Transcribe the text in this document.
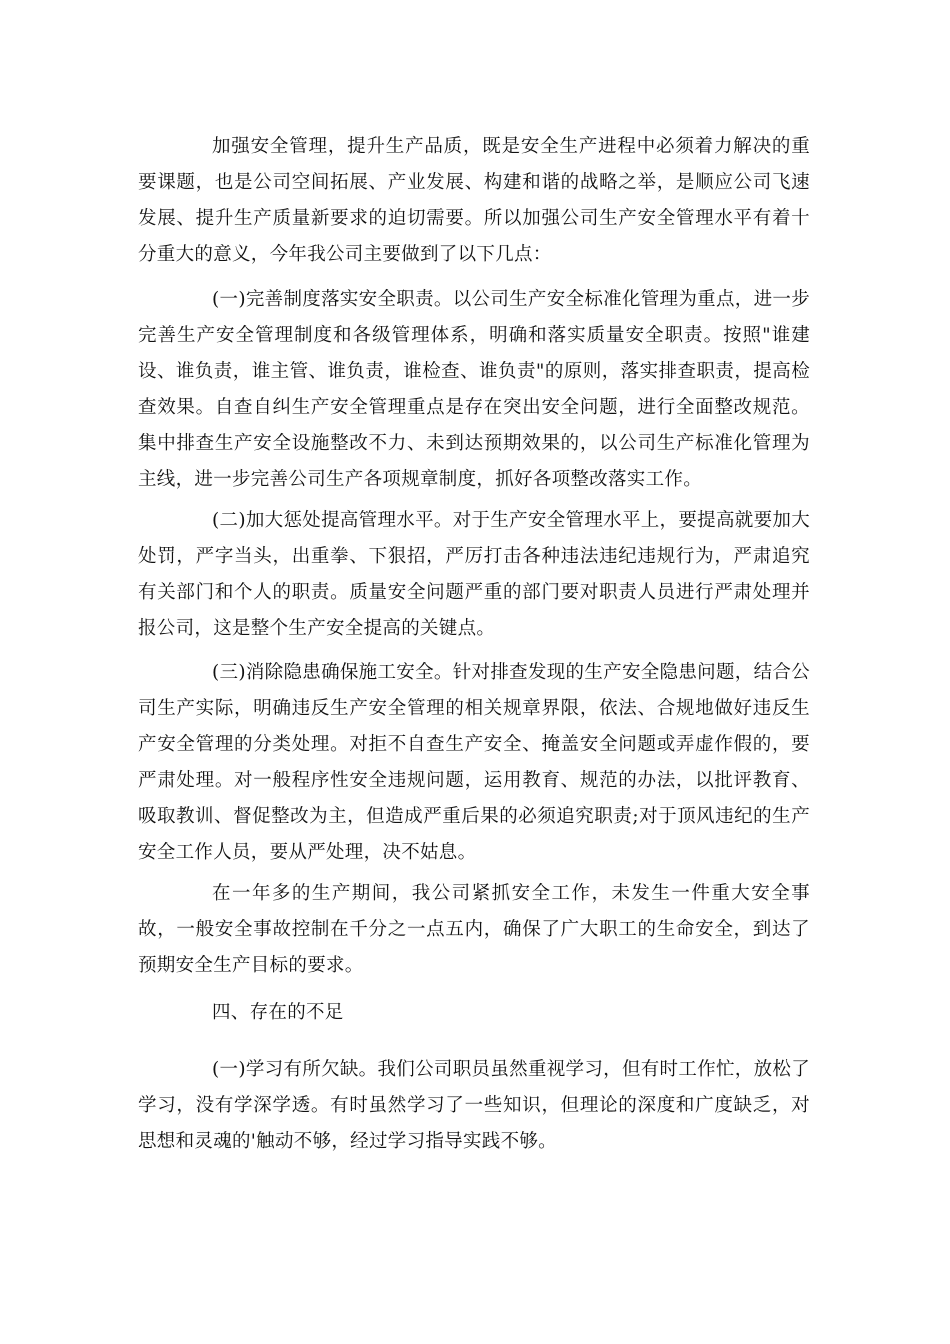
加强安全管理，提升生产品质，既是安全生产进程中必须着力解决的重要课题，也是公司空间拓展、产业发展、构建和谐的战略之举，是顺应公司飞速发展、提升生产质量新要求的迫切需要。所以加强公司生产安全管理水平有着十分重大的意义，今年我公司主要做到了以下几点：

(一)完善制度落实安全职责。以公司生产安全标准化管理为重点，进一步完善生产安全管理制度和各级管理体系，明确和落实质量安全职责。按照"谁建设、谁负责，谁主管、谁负责，谁检查、谁负责"的原则，落实排查职责，提高检查效果。自查自纠生产安全管理重点是存在突出安全问题，进行全面整改规范。集中排查生产安全设施整改不力、未到达预期效果的，以公司生产标准化管理为主线，进一步完善公司生产各项规章制度，抓好各项整改落实工作。

(二)加大惩处提高管理水平。对于生产安全管理水平上，要提高就要加大处罚，严字当头，出重拳、下狠招，严厉打击各种违法违纪违规行为，严肃追究有关部门和个人的职责。质量安全问题严重的部门要对职责人员进行严肃处理并报公司，这是整个生产安全提高的关键点。

(三)消除隐患确保施工安全。针对排查发现的生产安全隐患问题，结合公司生产实际，明确违反生产安全管理的相关规章界限，依法、合规地做好违反生产安全管理的分类处理。对拒不自查生产安全、掩盖安全问题或弄虚作假的，要严肃处理。对一般程序性安全违规问题，运用教育、规范的办法，以批评教育、吸取教训、督促整改为主，但造成严重后果的必须追究职责;对于顶风违纪的生产安全工作人员，要从严处理，决不姑息。

在一年多的生产期间，我公司紧抓安全工作，未发生一件重大安全事故，一般安全事故控制在千分之一点五内，确保了广大职工的生命安全，到达了预期安全生产目标的要求。

四、存在的不足

(一)学习有所欠缺。我们公司职员虽然重视学习，但有时工作忙，放松了学习，没有学深学透。有时虽然学习了一些知识，但理论的深度和广度缺乏，对思想和灵魂的'触动不够，经过学习指导实践不够。
